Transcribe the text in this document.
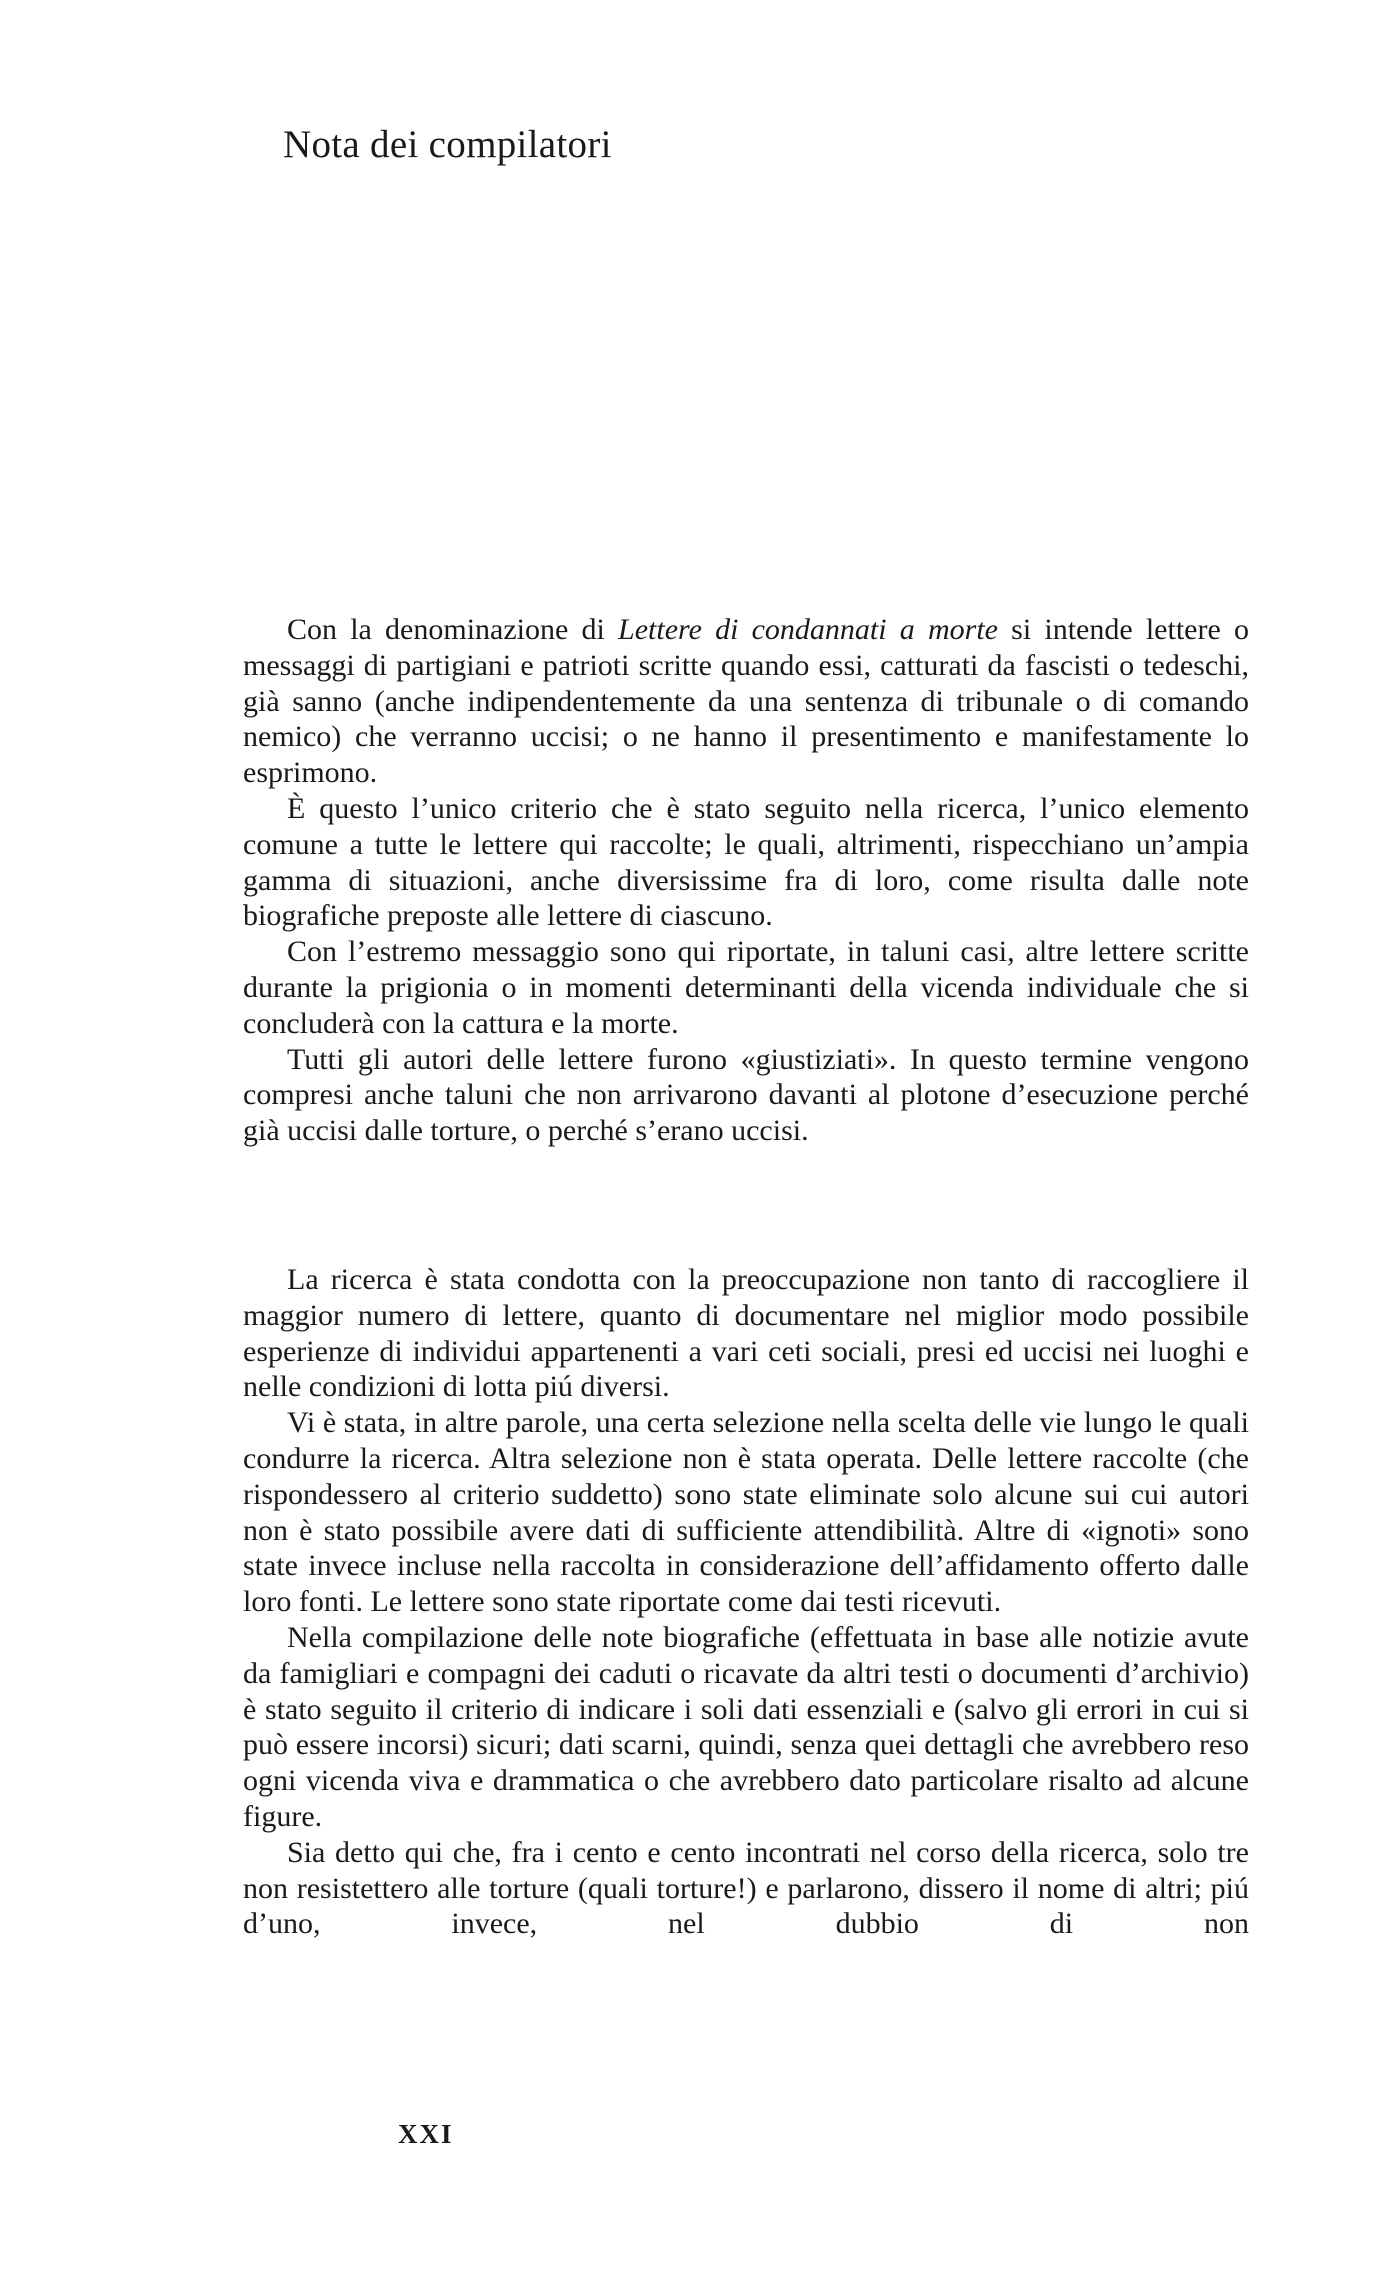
Nota dei compilatori

Con la denominazione di Lettere di condannati a morte si intende lettere o messaggi di partigiani e patrioti scritte quando essi, catturati da fascisti o tedeschi, già sanno (anche indipendentemente da una sentenza di tribunale o di comando nemico) che verranno uccisi; o ne hanno il presentimento e manifestamente lo esprimono.

È questo l’unico criterio che è stato seguito nella ricerca, l’unico elemento comune a tutte le lettere qui raccolte; le quali, altrimenti, rispecchiano un’ampia gamma di situazioni, anche diversissime fra di loro, come risulta dalle note biografiche preposte alle lettere di ciascuno.

Con l’estremo messaggio sono qui riportate, in taluni casi, altre lettere scritte durante la prigionia o in momenti determinanti della vicenda individuale che si concluderà con la cattura e la morte.

Tutti gli autori delle lettere furono «giustiziati». In questo termine vengono compresi anche taluni che non arrivarono davanti al plotone d’esecuzione perché già uccisi dalle torture, o perché s’erano uccisi.

La ricerca è stata condotta con la preoccupazione non tanto di raccogliere il maggior numero di lettere, quanto di documentare nel miglior modo possibile esperienze di individui appartenenti a vari ceti sociali, presi ed uccisi nei luoghi e nelle condizioni di lotta piú diversi.

Vi è stata, in altre parole, una certa selezione nella scelta delle vie lungo le quali condurre la ricerca. Altra selezione non è stata operata. Delle lettere raccolte (che rispondessero al criterio suddetto) sono state eliminate solo alcune sui cui autori non è stato possibile avere dati di sufficiente attendibilità. Altre di «ignoti» sono state invece incluse nella raccolta in considerazione dell’affidamento offerto dalle loro fonti. Le lettere sono state riportate come dai testi ricevuti.

Nella compilazione delle note biografiche (effettuata in base alle notizie avute da famigliari e compagni dei caduti o ricavate da altri testi o documenti d’archivio) è stato seguito il criterio di indicare i soli dati essenziali e (salvo gli errori in cui si può essere incorsi) sicuri; dati scarni, quindi, senza quei dettagli che avrebbero reso ogni vicenda viva e drammatica o che avrebbero dato particolare risalto ad alcune figure.

Sia detto qui che, fra i cento e cento incontrati nel corso della ricerca, solo tre non resistettero alle torture (quali torture!) e parlarono, dissero il nome di altri; piú d’uno, invece, nel dubbio di non

XXI
